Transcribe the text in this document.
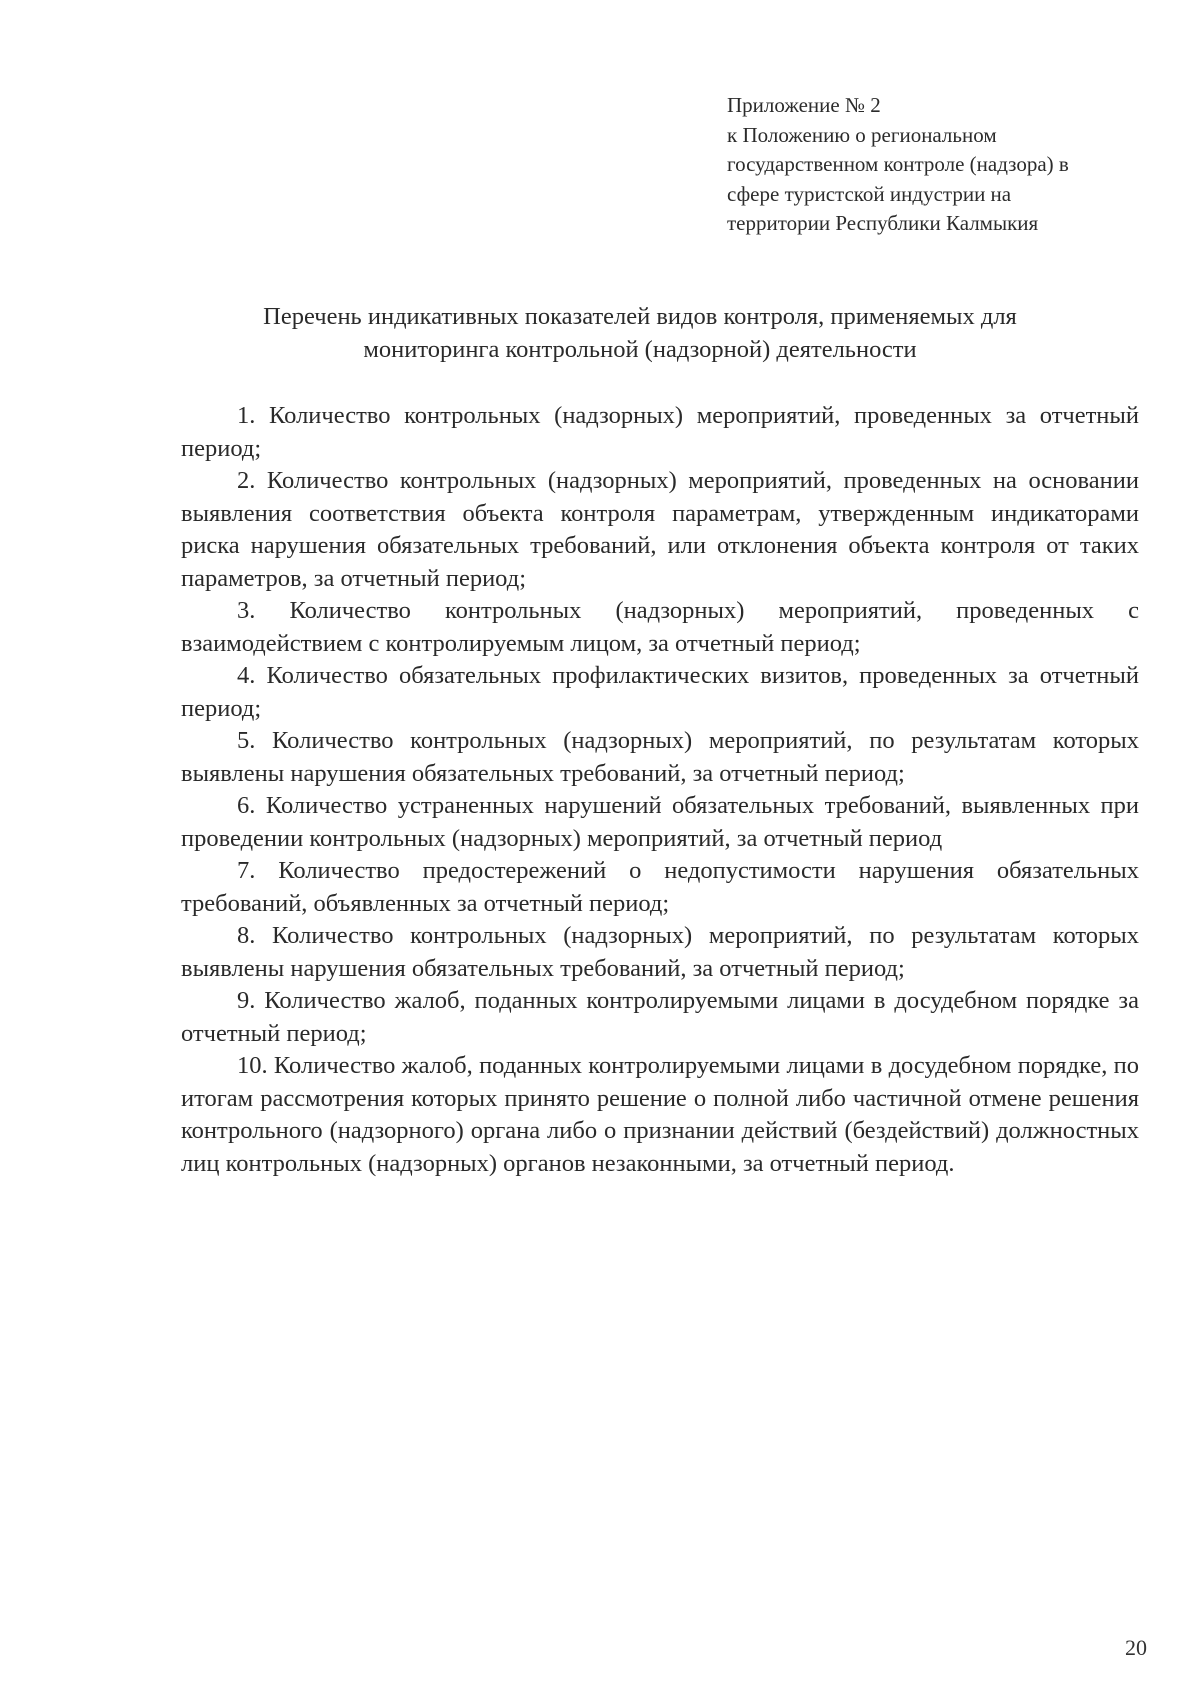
Приложение № 2
к Положению о региональном
государственном контроле (надзора) в
сфере туристской индустрии на
территории Республики Калмыкия
Перечень индикативных показателей видов контроля, применяемых для
мониторинга контрольной (надзорной) деятельности

1. Количество контрольных (надзорных) мероприятий, проведенных за отчетный период;

2. Количество контрольных (надзорных) мероприятий, проведенных на основании выявления соответствия объекта контроля параметрам, утвержденным индикаторами риска нарушения обязательных требований, или отклонения объекта контроля от таких параметров, за отчетный период;

3. Количество контрольных (надзорных) мероприятий, проведенных с взаимодействием с контролируемым лицом, за отчетный период;

4. Количество обязательных профилактических визитов, проведенных за отчетный период;

5. Количество контрольных (надзорных) мероприятий, по результатам которых выявлены нарушения обязательных требований, за отчетный период;

6. Количество устраненных нарушений обязательных требований, выявленных при проведении контрольных (надзорных) мероприятий, за отчетный период

7. Количество предостережений о недопустимости нарушения обязательных требований, объявленных за отчетный период;

8. Количество контрольных (надзорных) мероприятий, по результатам которых выявлены нарушения обязательных требований, за отчетный период;

9. Количество жалоб, поданных контролируемыми лицами в досудебном порядке за отчетный период;

10. Количество жалоб, поданных контролируемыми лицами в досудебном порядке, по итогам рассмотрения которых принято решение о полной либо частичной отмене решения контрольного (надзорного) органа либо о признании действий (бездействий) должностных лиц контрольных (надзорных) органов незаконными, за отчетный период.

20
